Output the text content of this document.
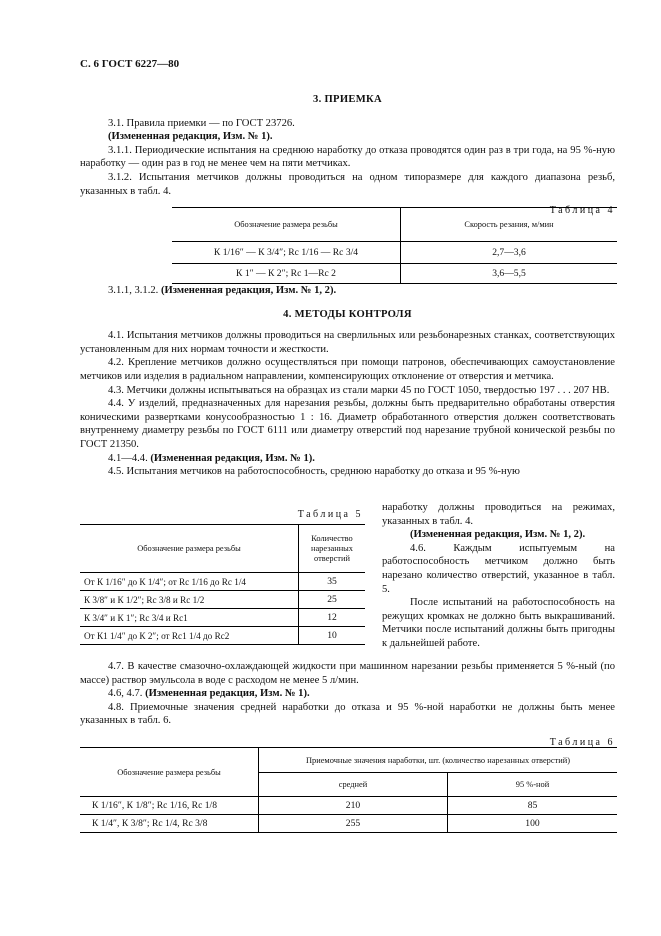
С. 6 ГОСТ 6227—80
3. ПРИЕМКА

3.1. Правила приемки — по ГОСТ 23726.

(Измененная редакция, Изм. № 1).

3.1.1. Периодические испытания на среднюю наработку до отказа проводятся один раз в три года, на 95 %-ную наработку — один раз в год не менее чем на пяти метчиках.

3.1.2. Испытания метчиков должны проводиться на одном типоразмере для каждого диапазона резьб, указанных в табл. 4.

Таблица 4
Обозначение размера резьбы	Скорость резания, м/мин
К 1/16″ — К 3/4″; Rc 1/16 — Rc 3/4	2,7—3,6
К 1″ — К 2″; Rc 1—Rc 2	3,6—5,5

3.1.1, 3.1.2. (Измененная редакция, Изм. № 1, 2).

4. МЕТОДЫ КОНТРОЛЯ

4.1. Испытания метчиков должны проводиться на сверлильных или резьбонарезных станках, соответствующих установленным для них нормам точности и жесткости.

4.2. Крепление метчиков должно осуществляться при помощи патронов, обеспечивающих самоустановление метчиков или изделия в радиальном направлении, компенсирующих отклонение от отверстия и метчика.

4.3. Метчики должны испытываться на образцах из стали марки 45 по ГОСТ 1050, твердостью 197 . . . 207 НВ.

4.4. У изделий, предназначенных для нарезания резьбы, должны быть предварительно обработаны отверстия коническими развертками конусообразностью 1 : 16. Диаметр обработанного отверстия должен соответствовать внутреннему диаметру резьбы по ГОСТ 6111 или диаметру отверстий под нарезание трубной конической резьбы по ГОСТ 21350.

4.1—4.4. (Измененная редакция, Изм. № 1).

4.5. Испытания метчиков на работоспособность, среднюю наработку до отказа и 95 %-ную

Таблица 5
Обозначение размера резьбы	Количество нарезанных отверстий
От К 1/16″ до К 1/4″; от Rc 1/16 до Rc 1/4	35
К 3/8″ и К 1/2″; Rc 3/8 и Rc 1/2	25
К 3/4″ и К 1″; Rc 3/4 и Rc1	12
От К1 1/4″ до К 2″; от Rc1 1/4 до Rc2	10

наработку должны проводиться на режимах, указанных в табл. 4.

(Измененная редакция, Изм. № 1, 2).

4.6. Каждым испытуемым на работоспособность метчиком должно быть нарезано количество отверстий, указанное в табл. 5.

После испытаний на работоспособность на режущих кромках не должно быть выкрашиваний. Метчики после испытаний должны быть пригодны к дальнейшей работе.

4.7. В качестве смазочно-охлаждающей жидкости при машинном нарезании резьбы применяется 5 %-ный (по массе) раствор эмульсола в воде с расходом не менее 5 л/мин.

4.6, 4.7. (Измененная редакция, Изм. № 1).

4.8. Приемочные значения средней наработки до отказа и 95 %-ной наработки не должны быть менее указанных в табл. 6.

Таблица 6
Обозначение размера резьбы	Приемочные значения наработки, шт. (количество нарезанных отверстий)	
	средней	95 %-ной
К 1/16″, К 1/8″; Rc 1/16, Rc 1/8	210	85
К 1/4″, К 3/8″; Rc 1/4, Rc 3/8	255	100
